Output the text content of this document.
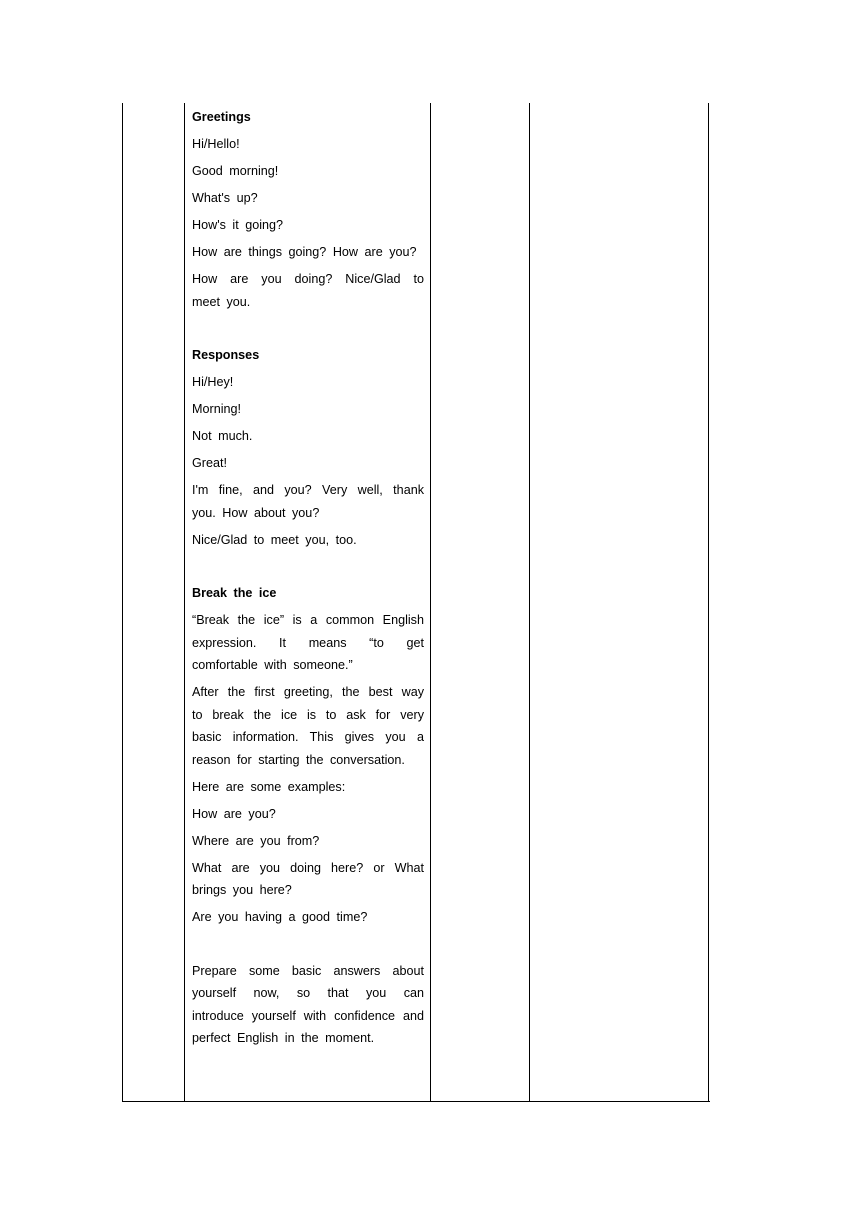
Greetings

Hi/Hello!

Good morning!

What's up?

How's it going?

How are things going? How are you?

How are you doing? Nice/Glad to meet you.

Responses

Hi/Hey!

Morning!

Not much.

Great!

I'm fine, and you? Very well, thank you. How about you?

Nice/Glad to meet you, too.

Break the ice

“Break the ice” is a common English expression. It means “to get comfortable with someone.”

After the first greeting, the best way to break the ice is to ask for very basic information. This gives you a reason for starting the conversation.

Here are some examples:

How are you?

Where are you from?

What are you doing here? or What brings you here?

Are you having a good time?

Prepare some basic answers about yourself now, so that you can introduce yourself with confidence and perfect English in the moment.
